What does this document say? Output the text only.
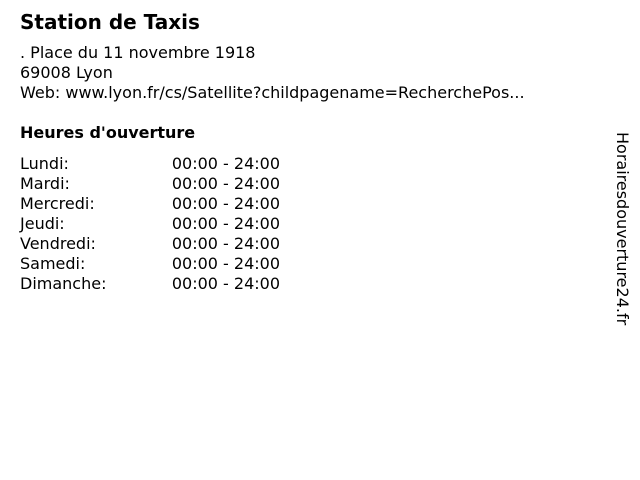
Station de Taxis
. Place du 11 novembre 1918
69008 Lyon
Web: www.lyon.fr/cs/Satellite?childpagename=RecherchePos...
Heures d'ouverture
Lundi:	00:00 - 24:00
Mardi:	00:00 - 24:00
Mercredi:	00:00 - 24:00
Jeudi:	00:00 - 24:00
Vendredi:	00:00 - 24:00
Samedi:	00:00 - 24:00
Dimanche:	00:00 - 24:00	Horairesdouverture24.fr
